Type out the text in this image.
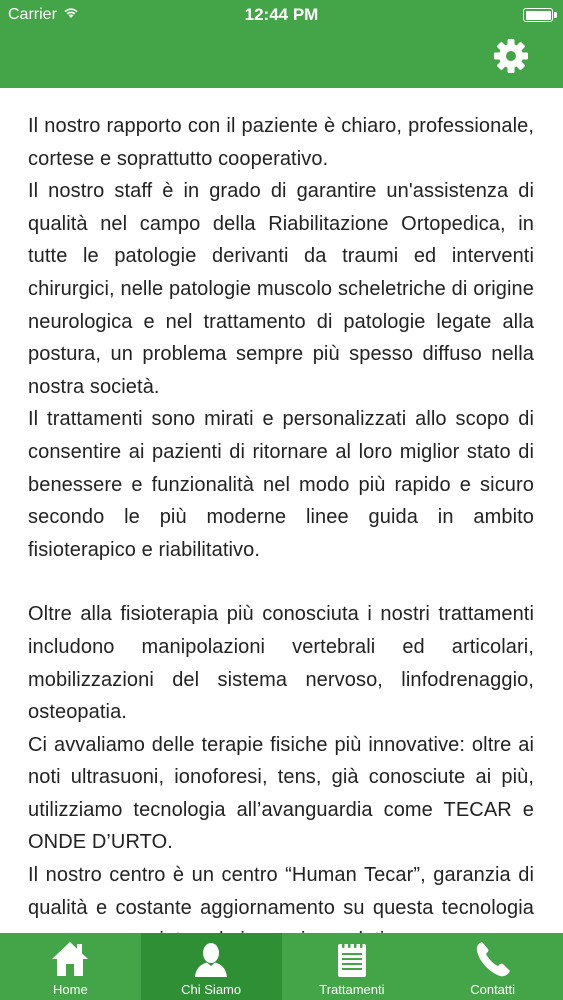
Carrier	12:44 PM

Il nostro rapporto con il paziente è chiaro, professionale, cortese e soprattutto cooperativo.

Il nostro staff è in grado di garantire un'assistenza di qualità nel campo della Riabilitazione Ortopedica, in tutte le patologie derivanti da traumi ed interventi chirurgici, nelle patologie muscolo scheletriche di origine neurologica e nel trattamento di patologie legate alla postura, un problema sempre più spesso diffuso nella nostra società.

Il trattamenti sono mirati e personalizzati allo scopo di consentire ai pazienti di ritornare al loro miglior stato di benessere e funzionalità nel modo più rapido e sicuro secondo le più moderne linee guida in ambito fisioterapico e riabilitativo.

Oltre alla fisioterapia più conosciuta i nostri trattamenti includono manipolazioni vertebrali ed articolari, mobilizzazioni del sistema nervoso, linfodrenaggio, osteopatia.

Ci avvaliamo delle terapie fisiche più innovative: oltre ai noti ultrasuoni, ionoforesi, tens, già conosciute ai più, utilizziamo tecnologia all’avanguardia come TECAR e ONDE D’URTO.

Il nostro centro è un centro “Human Tecar”, garanzia di qualità e costante aggiornamento su questa tecnologia

Home	Chi Siamo	Trattamenti	Contatti
